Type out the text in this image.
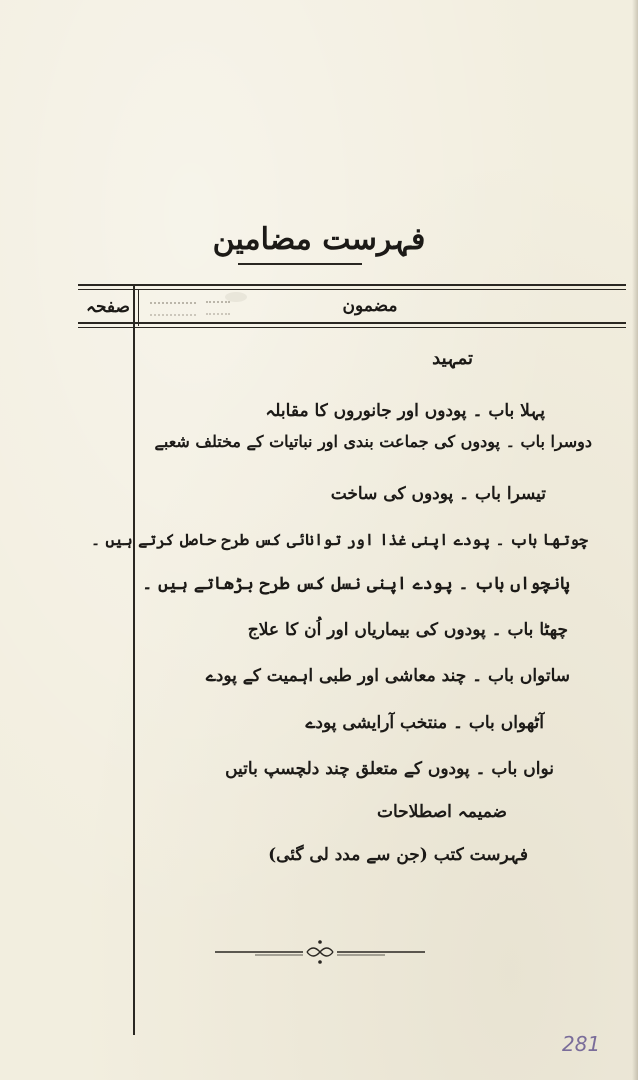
فہرست مضامین
مضمون
صفحہ
تمہید
پہلا باب ۔ پودوں اور جانوروں کا مقابلہ
دوسرا باب ۔ پودوں کی جماعت بندی اور نباتیات کے مختلف شعبے
تیسرا باب ۔ پودوں کی ساخت
چوتھا باب ۔ پودے اپنی غذا اور توانائی کس طرح حاصل کرتے ہیں ۔
پانچواں باب ۔ پودے اپنی نسل کس طرح بڑھاتے ہیں ۔
چھٹا باب ۔ پودوں کی بیماریاں اور اُن کا علاج
ساتواں باب ۔ چند معاشی اور طبی اہمیت کے پودے
آٹھواں باب ۔ منتخب آرایشی پودے
نواں باب ۔ پودوں کے متعلق چند دلچسپ باتیں
ضمیمہ اصطلاحات
فہرست کتب (جن سے مدد لی گئی)
281
